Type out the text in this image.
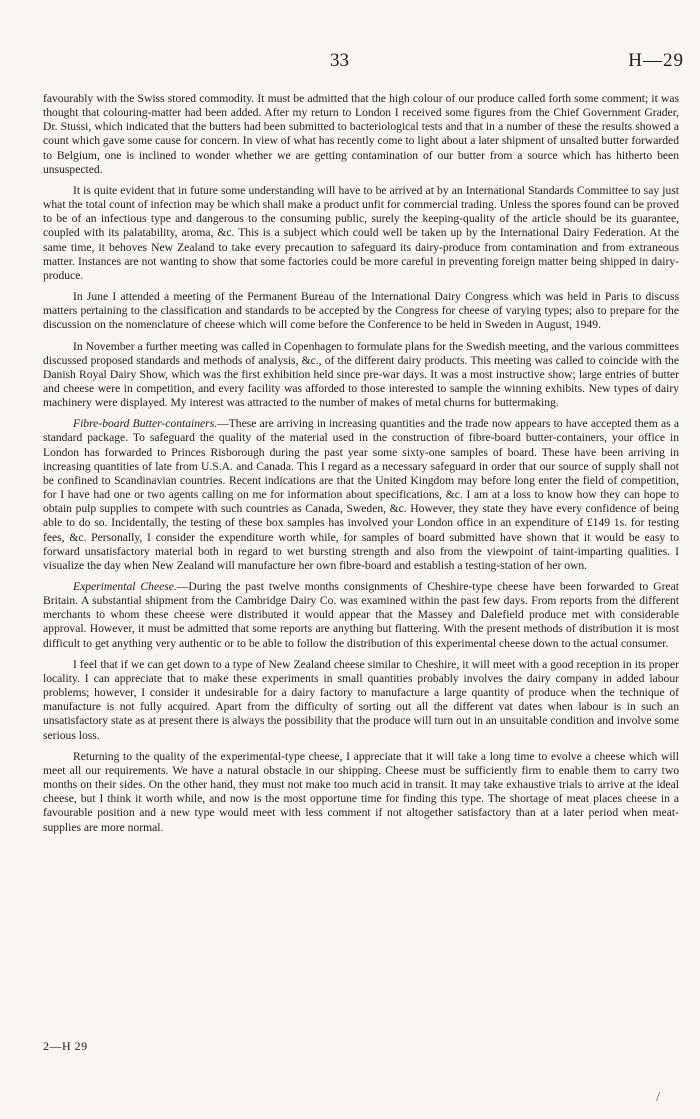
33	H—29

favourably with the Swiss stored commodity. It must be admitted that the high colour of our produce called forth some comment; it was thought that colouring-matter had been added. After my return to London I received some figures from the Chief Government Grader, Dr. Stussi, which indicated that the butters had been submitted to bacteriological tests and that in a number of these the results showed a count which gave some cause for concern. In view of what has recently come to light about a later shipment of unsalted butter forwarded to Belgium, one is inclined to wonder whether we are getting contamination of our butter from a source which has hitherto been unsuspected.

It is quite evident that in future some understanding will have to be arrived at by an International Standards Committee to say just what the total count of infection may be which shall make a product unfit for commercial trading. Unless the spores found can be proved to be of an infectious type and dangerous to the consuming public, surely the keeping-quality of the article should be its guarantee, coupled with its palatability, aroma, &c. This is a subject which could well be taken up by the International Dairy Federation. At the same time, it behoves New Zealand to take every precaution to safeguard its dairy-produce from contamination and from extraneous matter. Instances are not wanting to show that some factories could be more careful in preventing foreign matter being shipped in dairy-produce.

In June I attended a meeting of the Permanent Bureau of the International Dairy Congress which was held in Paris to discuss matters pertaining to the classification and standards to be accepted by the Congress for cheese of varying types; also to prepare for the discussion on the nomenclature of cheese which will come before the Conference to be held in Sweden in August, 1949.

In November a further meeting was called in Copenhagen to formulate plans for the Swedish meeting, and the various committees discussed proposed standards and methods of analysis, &c., of the different dairy products. This meeting was called to coincide with the Danish Royal Dairy Show, which was the first exhibition held since pre-war days. It was a most instructive show; large entries of butter and cheese were in competition, and every facility was afforded to those interested to sample the winning exhibits. New types of dairy machinery were displayed. My interest was attracted to the number of makes of metal churns for buttermaking.

Fibre-board Butter-containers.—These are arriving in increasing quantities and the trade now appears to have accepted them as a standard package. To safeguard the quality of the material used in the construction of fibre-board butter-containers, your office in London has forwarded to Princes Risborough during the past year some sixty-one samples of board. These have been arriving in increasing quantities of late from U.S.A. and Canada. This I regard as a necessary safeguard in order that our source of supply shall not be confined to Scandinavian countries. Recent indications are that the United Kingdom may before long enter the field of competition, for I have had one or two agents calling on me for information about specifications, &c. I am at a loss to know how they can hope to obtain pulp supplies to compete with such countries as Canada, Sweden, &c. However, they state they have every confidence of being able to do so. Incidentally, the testing of these box samples has involved your London office in an expenditure of £149 1s. for testing fees, &c. Personally, I consider the expenditure worth while, for samples of board submitted have shown that it would be easy to forward unsatisfactory material both in regard to wet bursting strength and also from the viewpoint of taint-imparting qualities. I visualize the day when New Zealand will manufacture her own fibre-board and establish a testing-station of her own.

Experimental Cheese.—During the past twelve months consignments of Cheshire-type cheese have been forwarded to Great Britain. A substantial shipment from the Cambridge Dairy Co. was examined within the past few days. From reports from the different merchants to whom these cheese were distributed it would appear that the Massey and Dalefield produce met with considerable approval. However, it must be admitted that some reports are anything but flattering. With the present methods of distribution it is most difficult to get anything very authentic or to be able to follow the distribution of this experimental cheese down to the actual consumer.

I feel that if we can get down to a type of New Zealand cheese similar to Cheshire, it will meet with a good reception in its proper locality. I can appreciate that to make these experiments in small quantities probably involves the dairy company in added labour problems; however, I consider it undesirable for a dairy factory to manufacture a large quantity of produce when the technique of manufacture is not fully acquired. Apart from the difficulty of sorting out all the different vat dates when labour is in such an unsatisfactory state as at present there is always the possibility that the produce will turn out in an unsuitable condition and involve some serious loss.

Returning to the quality of the experimental-type cheese, I appreciate that it will take a long time to evolve a cheese which will meet all our requirements. We have a natural obstacle in our shipping. Cheese must be sufficiently firm to enable them to carry two months on their sides. On the other hand, they must not make too much acid in transit. It may take exhaustive trials to arrive at the ideal cheese, but I think it worth while, and now is the most opportune time for finding this type. The shortage of meat places cheese in a favourable position and a new type would meet with less comment if not altogether satisfactory than at a later period when meat-supplies are more normal.

2—H 29
/
